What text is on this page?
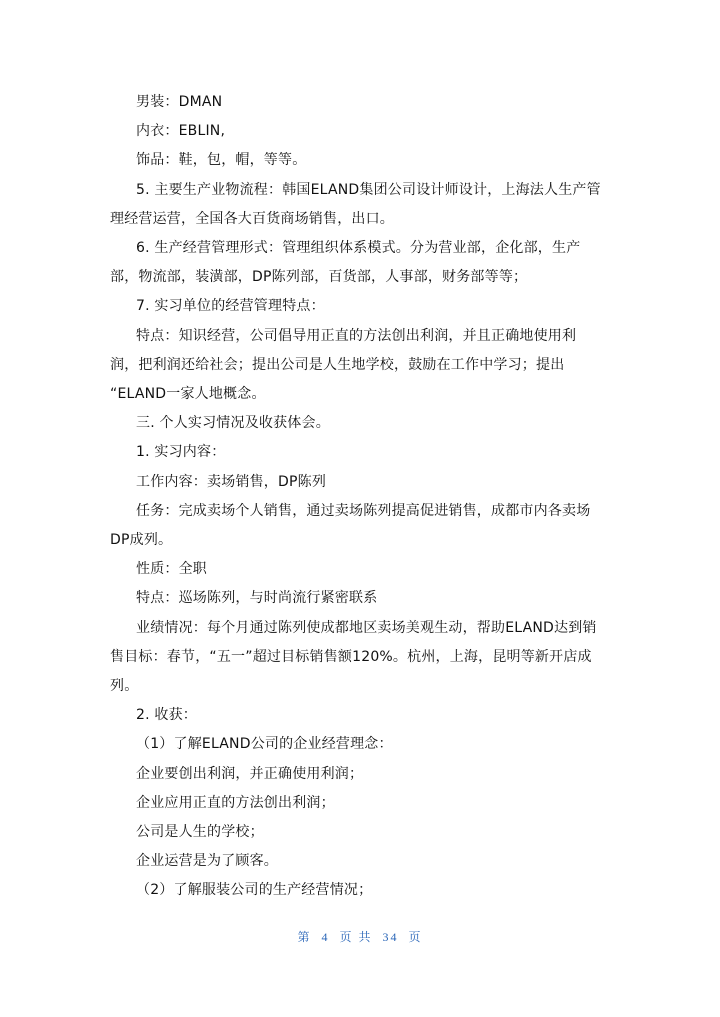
男装：DMAN
内衣：EBLIN,
饰品：鞋，包，帽，等等。
5. 主要生产业物流程：韩国ELAND集团公司设计师设计，上海法人生产管
理经营运营，全国各大百货商场销售，出口。
6. 生产经营管理形式：管理组织体系模式。分为营业部，企化部，生产
部，物流部，装潢部，DP陈列部，百货部，人事部，财务部等等；
7. 实习单位的经营管理特点：
特点：知识经营，公司倡导用正直的方法创出利润，并且正确地使用利
润，把利润还给社会；提出公司是人生地学校，鼓励在工作中学习；提出
“ELAND一家人地概念。
三. 个人实习情况及收获体会。
1. 实习内容：
工作内容：卖场销售，DP陈列
任务：完成卖场个人销售，通过卖场陈列提高促进销售，成都市内各卖场
DP成列。
性质：全职
特点：巡场陈列，与时尚流行紧密联系
业绩情况：每个月通过陈列使成都地区卖场美观生动，帮助ELAND达到销
售目标：春节，“五一”超过目标销售额120%。杭州，上海，昆明等新开店成
列。
2. 收获：
（1）了解ELAND公司的企业经营理念：
企业要创出利润，并正确使用利润；
企业应用正直的方法创出利润；
公司是人生的学校；
企业运营是为了顾客。
（2）了解服装公司的生产经营情况；
第 4 页 共 34 页
